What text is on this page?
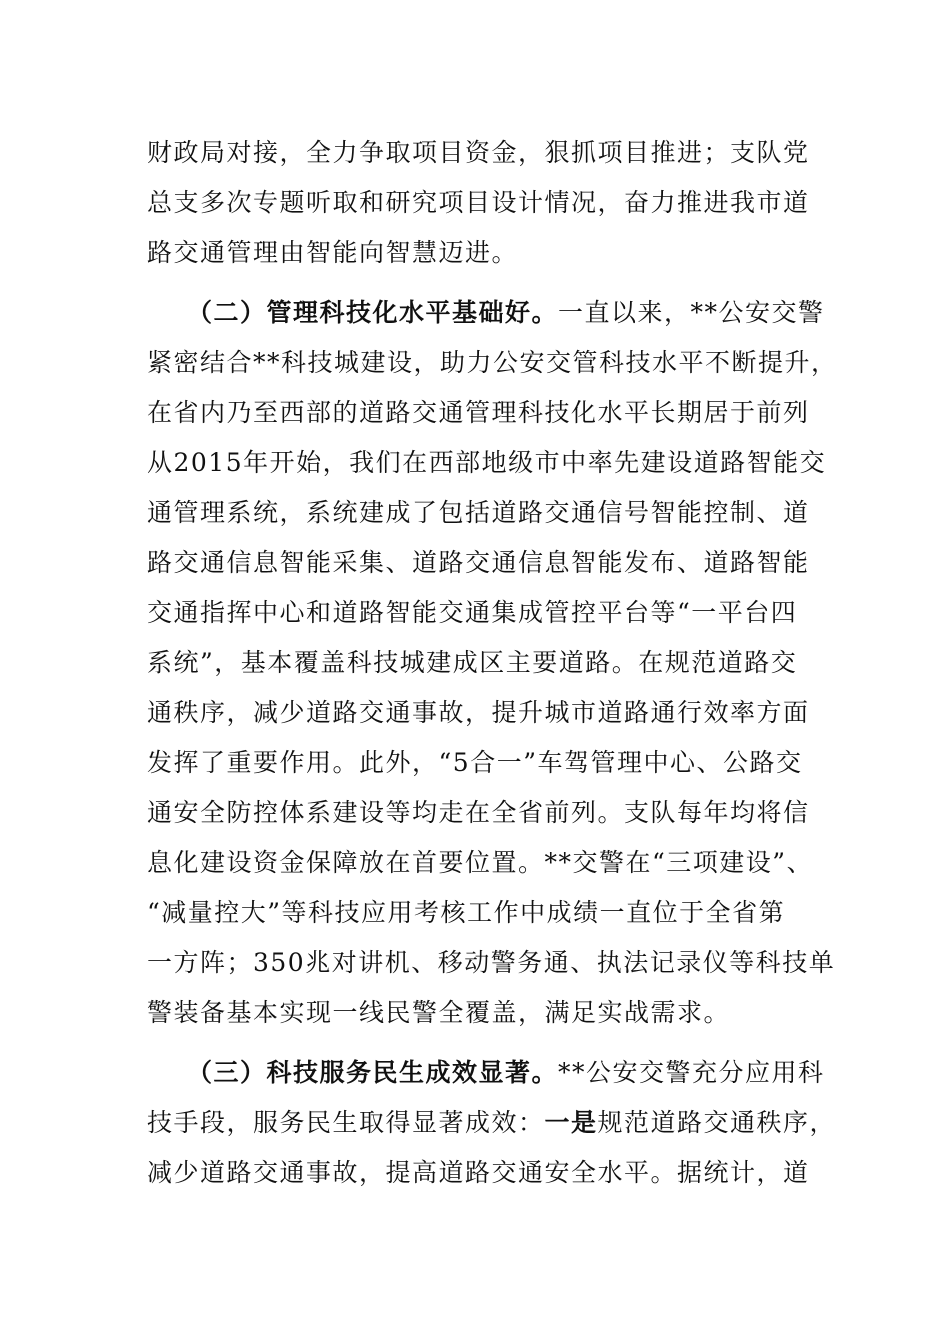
财政局对接，全力争取项目资金，狠抓项目推进；支队党
总支多次专题听取和研究项目设计情况，奋力推进我市道
路交通管理由智能向智慧迈进。
（二）管理科技化水平基础好。一直以来，**公安交警
紧密结合**科技城建设，助力公安交管科技水平不断提升，
在省内乃至西部的道路交通管理科技化水平长期居于前列
从2015年开始，我们在西部地级市中率先建设道路智能交
通管理系统，系统建成了包括道路交通信号智能控制、道
路交通信息智能采集、道路交通信息智能发布、道路智能
交通指挥中心和道路智能交通集成管控平台等“一平台四
系统”，基本覆盖科技城建成区主要道路。在规范道路交
通秩序，减少道路交通事故，提升城市道路通行效率方面
发挥了重要作用。此外，“5合一”车驾管理中心、公路交
通安全防控体系建设等均走在全省前列。支队每年均将信
息化建设资金保障放在首要位置。**交警在“三项建设”、
“减量控大”等科技应用考核工作中成绩一直位于全省第
一方阵；350兆对讲机、移动警务通、执法记录仪等科技单
警装备基本实现一线民警全覆盖，满足实战需求。
（三）科技服务民生成效显著。**公安交警充分应用科
技手段，服务民生取得显著成效：一是规范道路交通秩序，
减少道路交通事故，提高道路交通安全水平。据统计，道
